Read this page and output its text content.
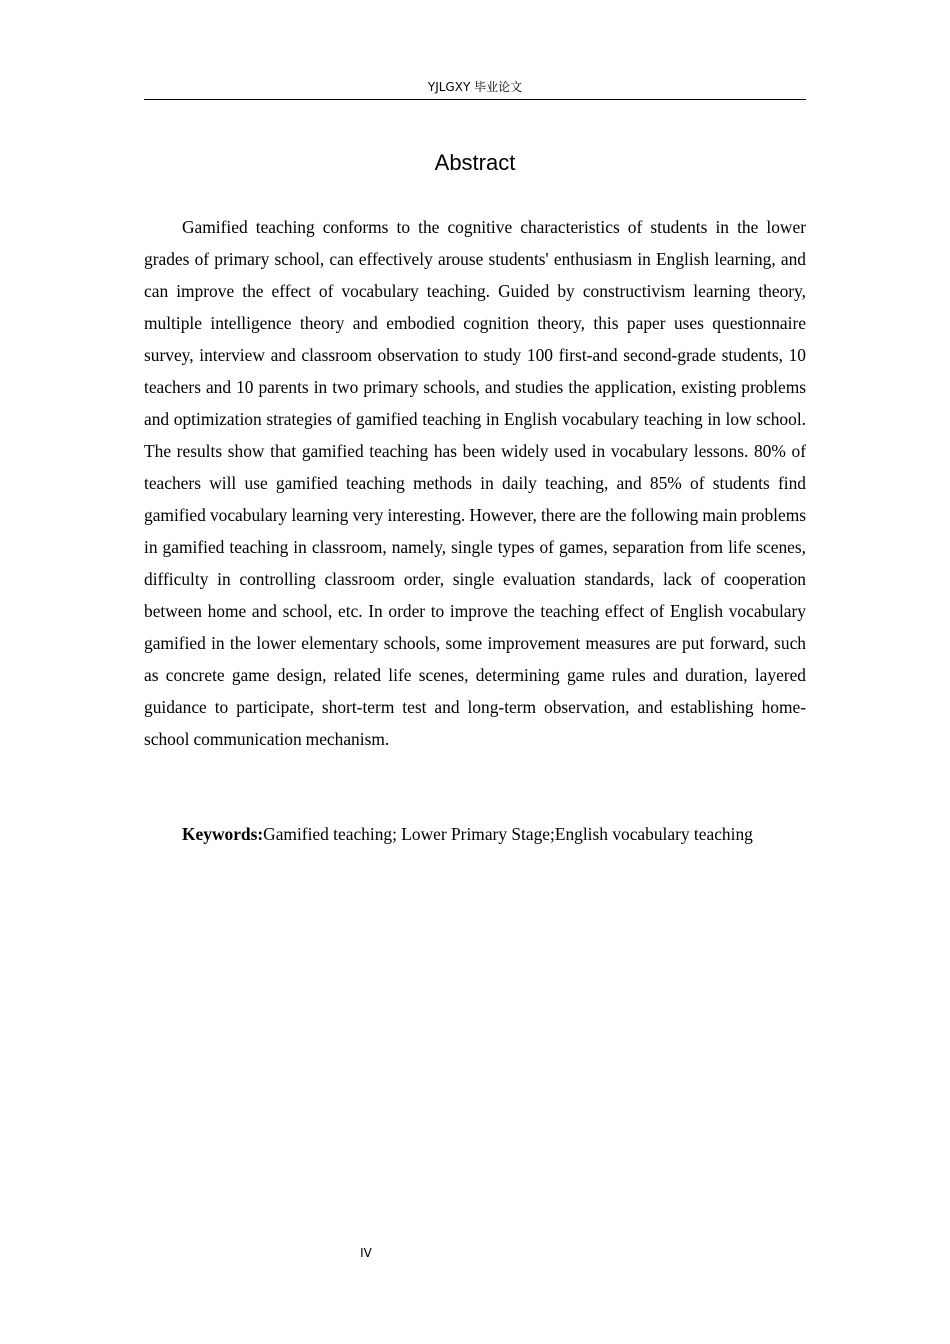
YJLGXY 毕业论文
Abstract

Gamified teaching conforms to the cognitive characteristics of students in the lower grades of primary school, can effectively arouse students' enthusiasm in English learning, and can improve the effect of vocabulary teaching. Guided by constructivism learning theory, multiple intelligence theory and embodied cognition theory, this paper uses questionnaire survey, interview and classroom observation to study 100 first-and second-grade students, 10 teachers and 10 parents in two primary schools, and studies the application, existing problems and optimization strategies of gamified teaching in English vocabulary teaching in low school. The results show that gamified teaching has been widely used in vocabulary lessons. 80% of teachers will use gamified teaching methods in daily teaching, and 85% of students find gamified vocabulary learning very interesting. However, there are the following main problems in gamified teaching in classroom, namely, single types of games, separation from life scenes, difficulty in controlling classroom order, single evaluation standards, lack of cooperation between home and school, etc. In order to improve the teaching effect of English vocabulary gamified in the lower elementary schools, some improvement measures are put forward, such as concrete game design, related life scenes, determining game rules and duration, layered guidance to participate, short-term test and long-term observation, and establishing home-school communication mechanism.

Keywords:Gamified teaching; Lower Primary Stage;English vocabulary teaching

IV
